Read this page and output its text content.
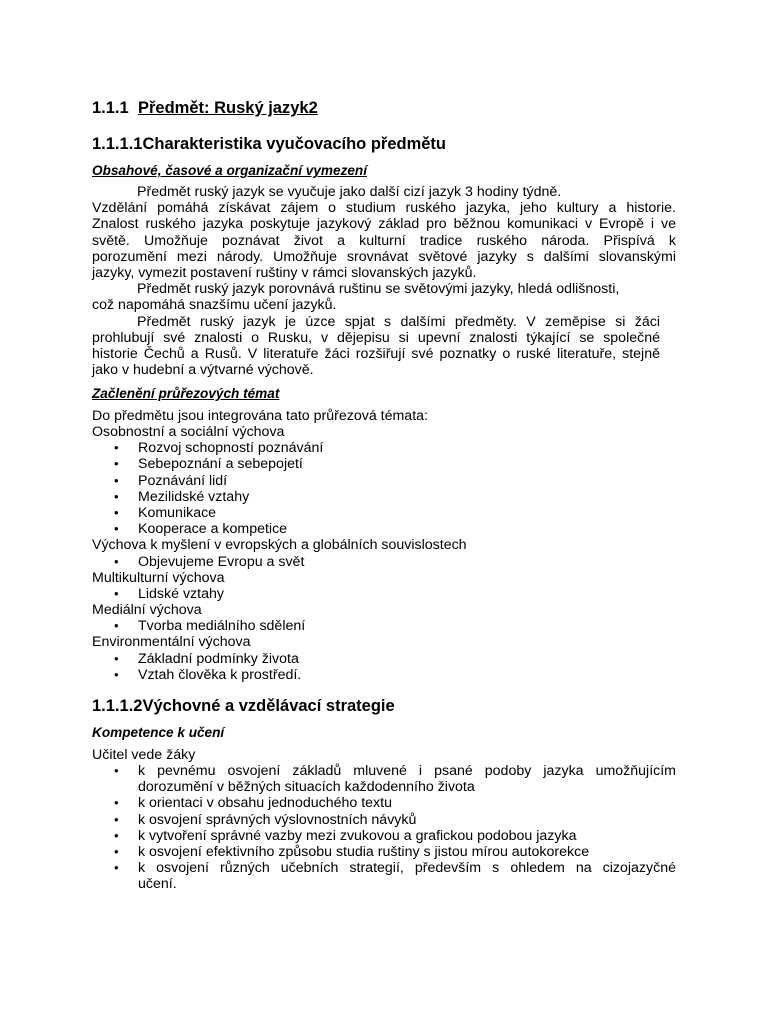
1.1.1 Předmět: Ruský jazyk2
1.1.1.1Charakteristika vyučovacího předmětu
Obsahové, časové a organizační vymezení
Předmět ruský jazyk se vyučuje jako další cizí jazyk 3 hodiny týdně.
Vzdělání pomáhá získávat zájem o studium ruského jazyka, jeho kultury a historie.
Znalost ruského jazyka poskytuje jazykový základ pro běžnou komunikaci v Evropě i ve
světě. Umožňuje poznávat život a kulturní tradice ruského národa. Přispívá k
porozumění mezi národy. Umožňuje srovnávat světové jazyky s dalšími slovanskými
jazyky, vymezit postavení ruštiny v rámci slovanských jazyků.
Předmět ruský jazyk porovnává ruštinu se světovými jazyky, hledá odlišnosti,
což napomáhá snazšímu učení jazyků.
Předmět ruský jazyk je úzce spjat s dalšími předměty. V zeměpise si žáci
prohlubují své znalosti o Rusku, v dějepisu si upevní znalosti týkající se společné
historie Čechů a Rusů. V literatuře žáci rozšiřují své poznatky o ruské literatuře, stejně
jako v hudební a výtvarné výchově.
Začlenění průřezových témat
Do předmětu jsou integrována tato průřezová témata:
Osobnostní a sociální výchova
• Rozvoj schopností poznávání
• Sebepoznání a sebepojetí
• Poznávání lidí
• Mezilidské vztahy
• Komunikace
• Kooperace a kompetice
Výchova k myšlení v evropských a globálních souvislostech
• Objevujeme Evropu a svět
Multikulturní výchova
• Lidské vztahy
Mediální výchova
• Tvorba mediálního sdělení
Environmentální výchova
• Základní podmínky života
• Vztah člověka k prostředí.
1.1.1.2Výchovné a vzdělávací strategie
Kompetence k učení
Učitel vede žáky
• k pevnému osvojení základů mluvené i psané podoby jazyka umožňujícím
dorozumění v běžných situacích každodenního života
• k orientaci v obsahu jednoduchého textu
• k osvojení správných výslovnostních návyků
• k vytvoření správné vazby mezi zvukovou a grafickou podobou jazyka
• k osvojení efektivního způsobu studia ruštiny s jistou mírou autokorekce
• k osvojení různých učebních strategií, především s ohledem na cizojazyčné
učení.
